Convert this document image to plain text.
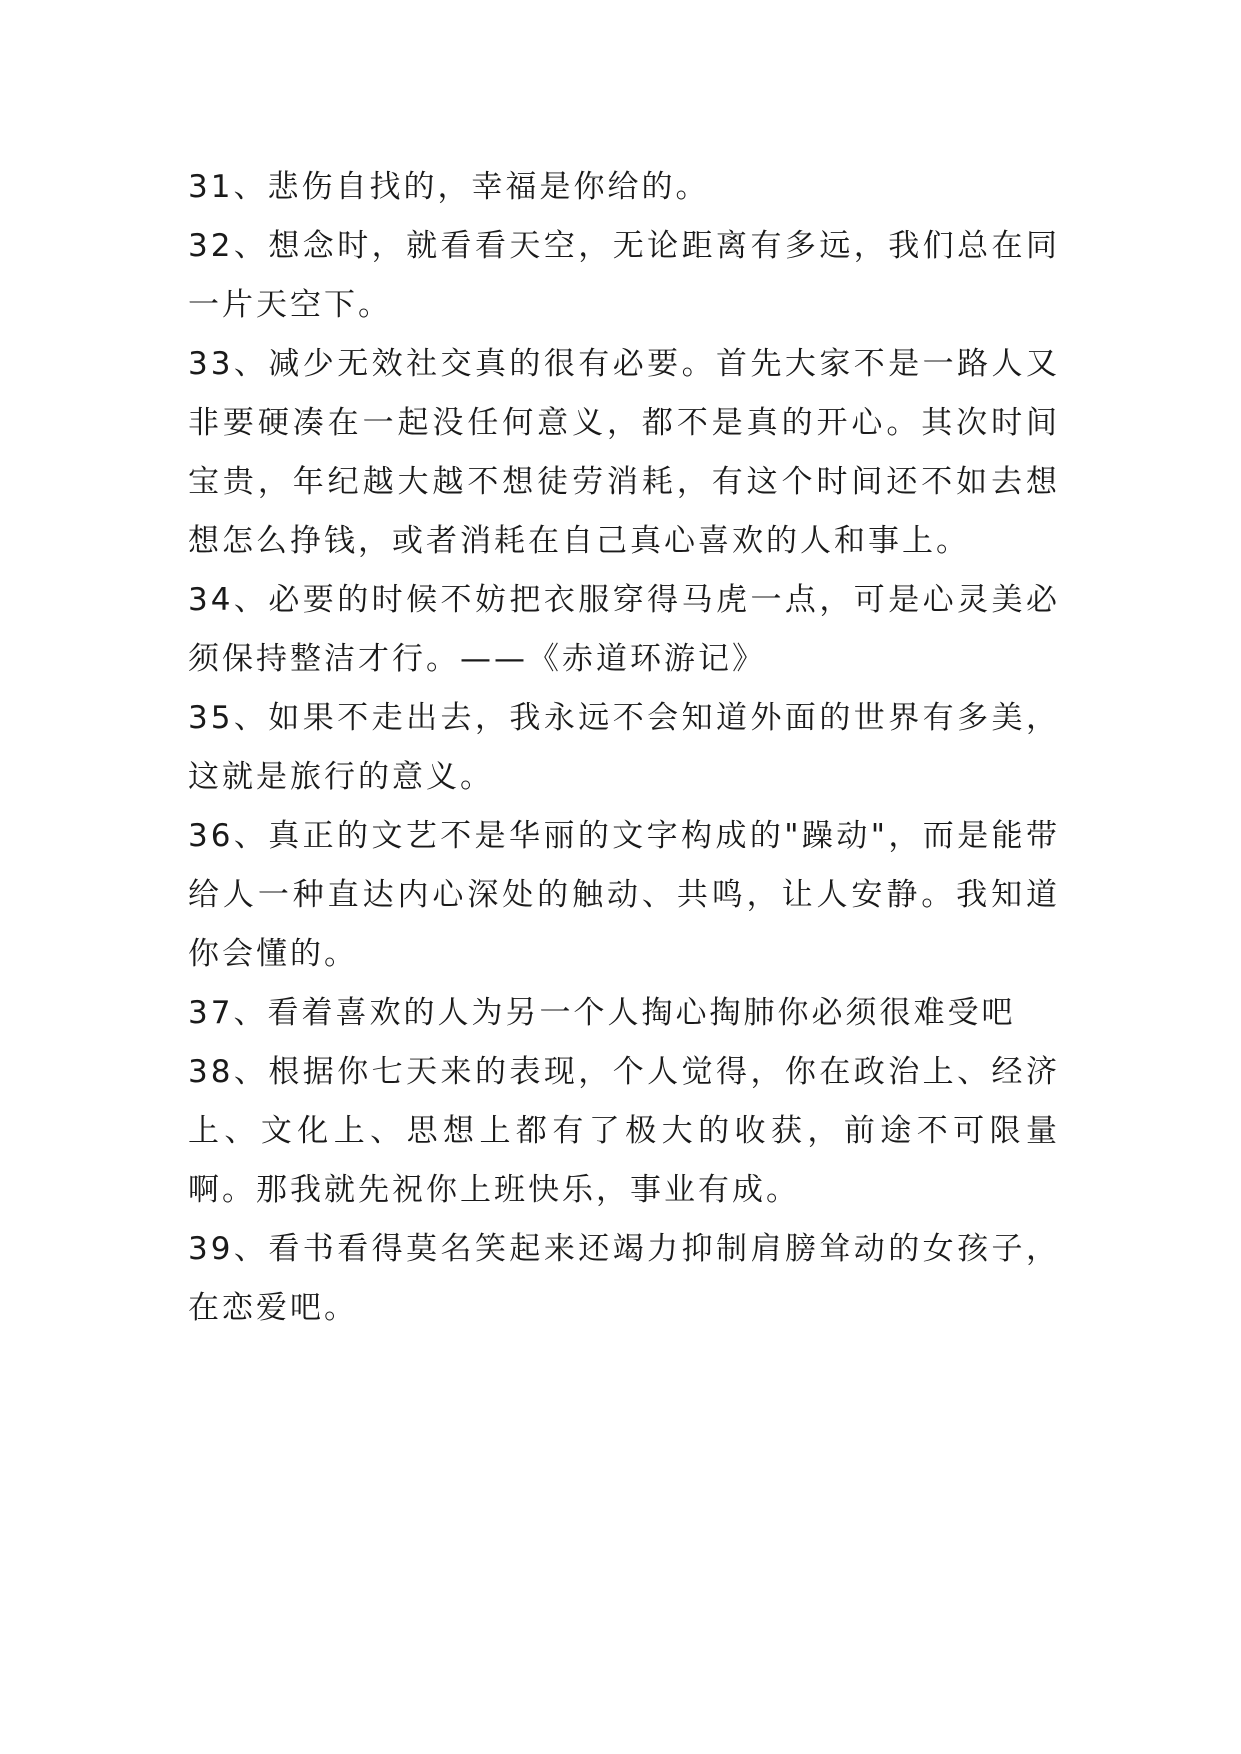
31、悲伤自找的，幸福是你给的。

32、想念时，就看看天空，无论距离有多远，我们总在同一片天空下。

33、减少无效社交真的很有必要。首先大家不是一路人又非要硬凑在一起没任何意义，都不是真的开心。其次时间宝贵，年纪越大越不想徒劳消耗，有这个时间还不如去想想怎么挣钱，或者消耗在自己真心喜欢的人和事上。

34、必要的时候不妨把衣服穿得马虎一点，可是心灵美必须保持整洁才行。——《赤道环游记》

35、如果不走出去，我永远不会知道外面的世界有多美，这就是旅行的意义。

36、真正的文艺不是华丽的文字构成的"躁动"，而是能带给人一种直达内心深处的触动、共鸣，让人安静。我知道你会懂的。

37、看着喜欢的人为另一个人掏心掏肺你必须很难受吧

38、根据你七天来的表现，个人觉得，你在政治上、经济上、文化上、思想上都有了极大的收获，前途不可限量啊。那我就先祝你上班快乐，事业有成。

39、看书看得莫名笑起来还竭力抑制肩膀耸动的女孩子，在恋爱吧。
